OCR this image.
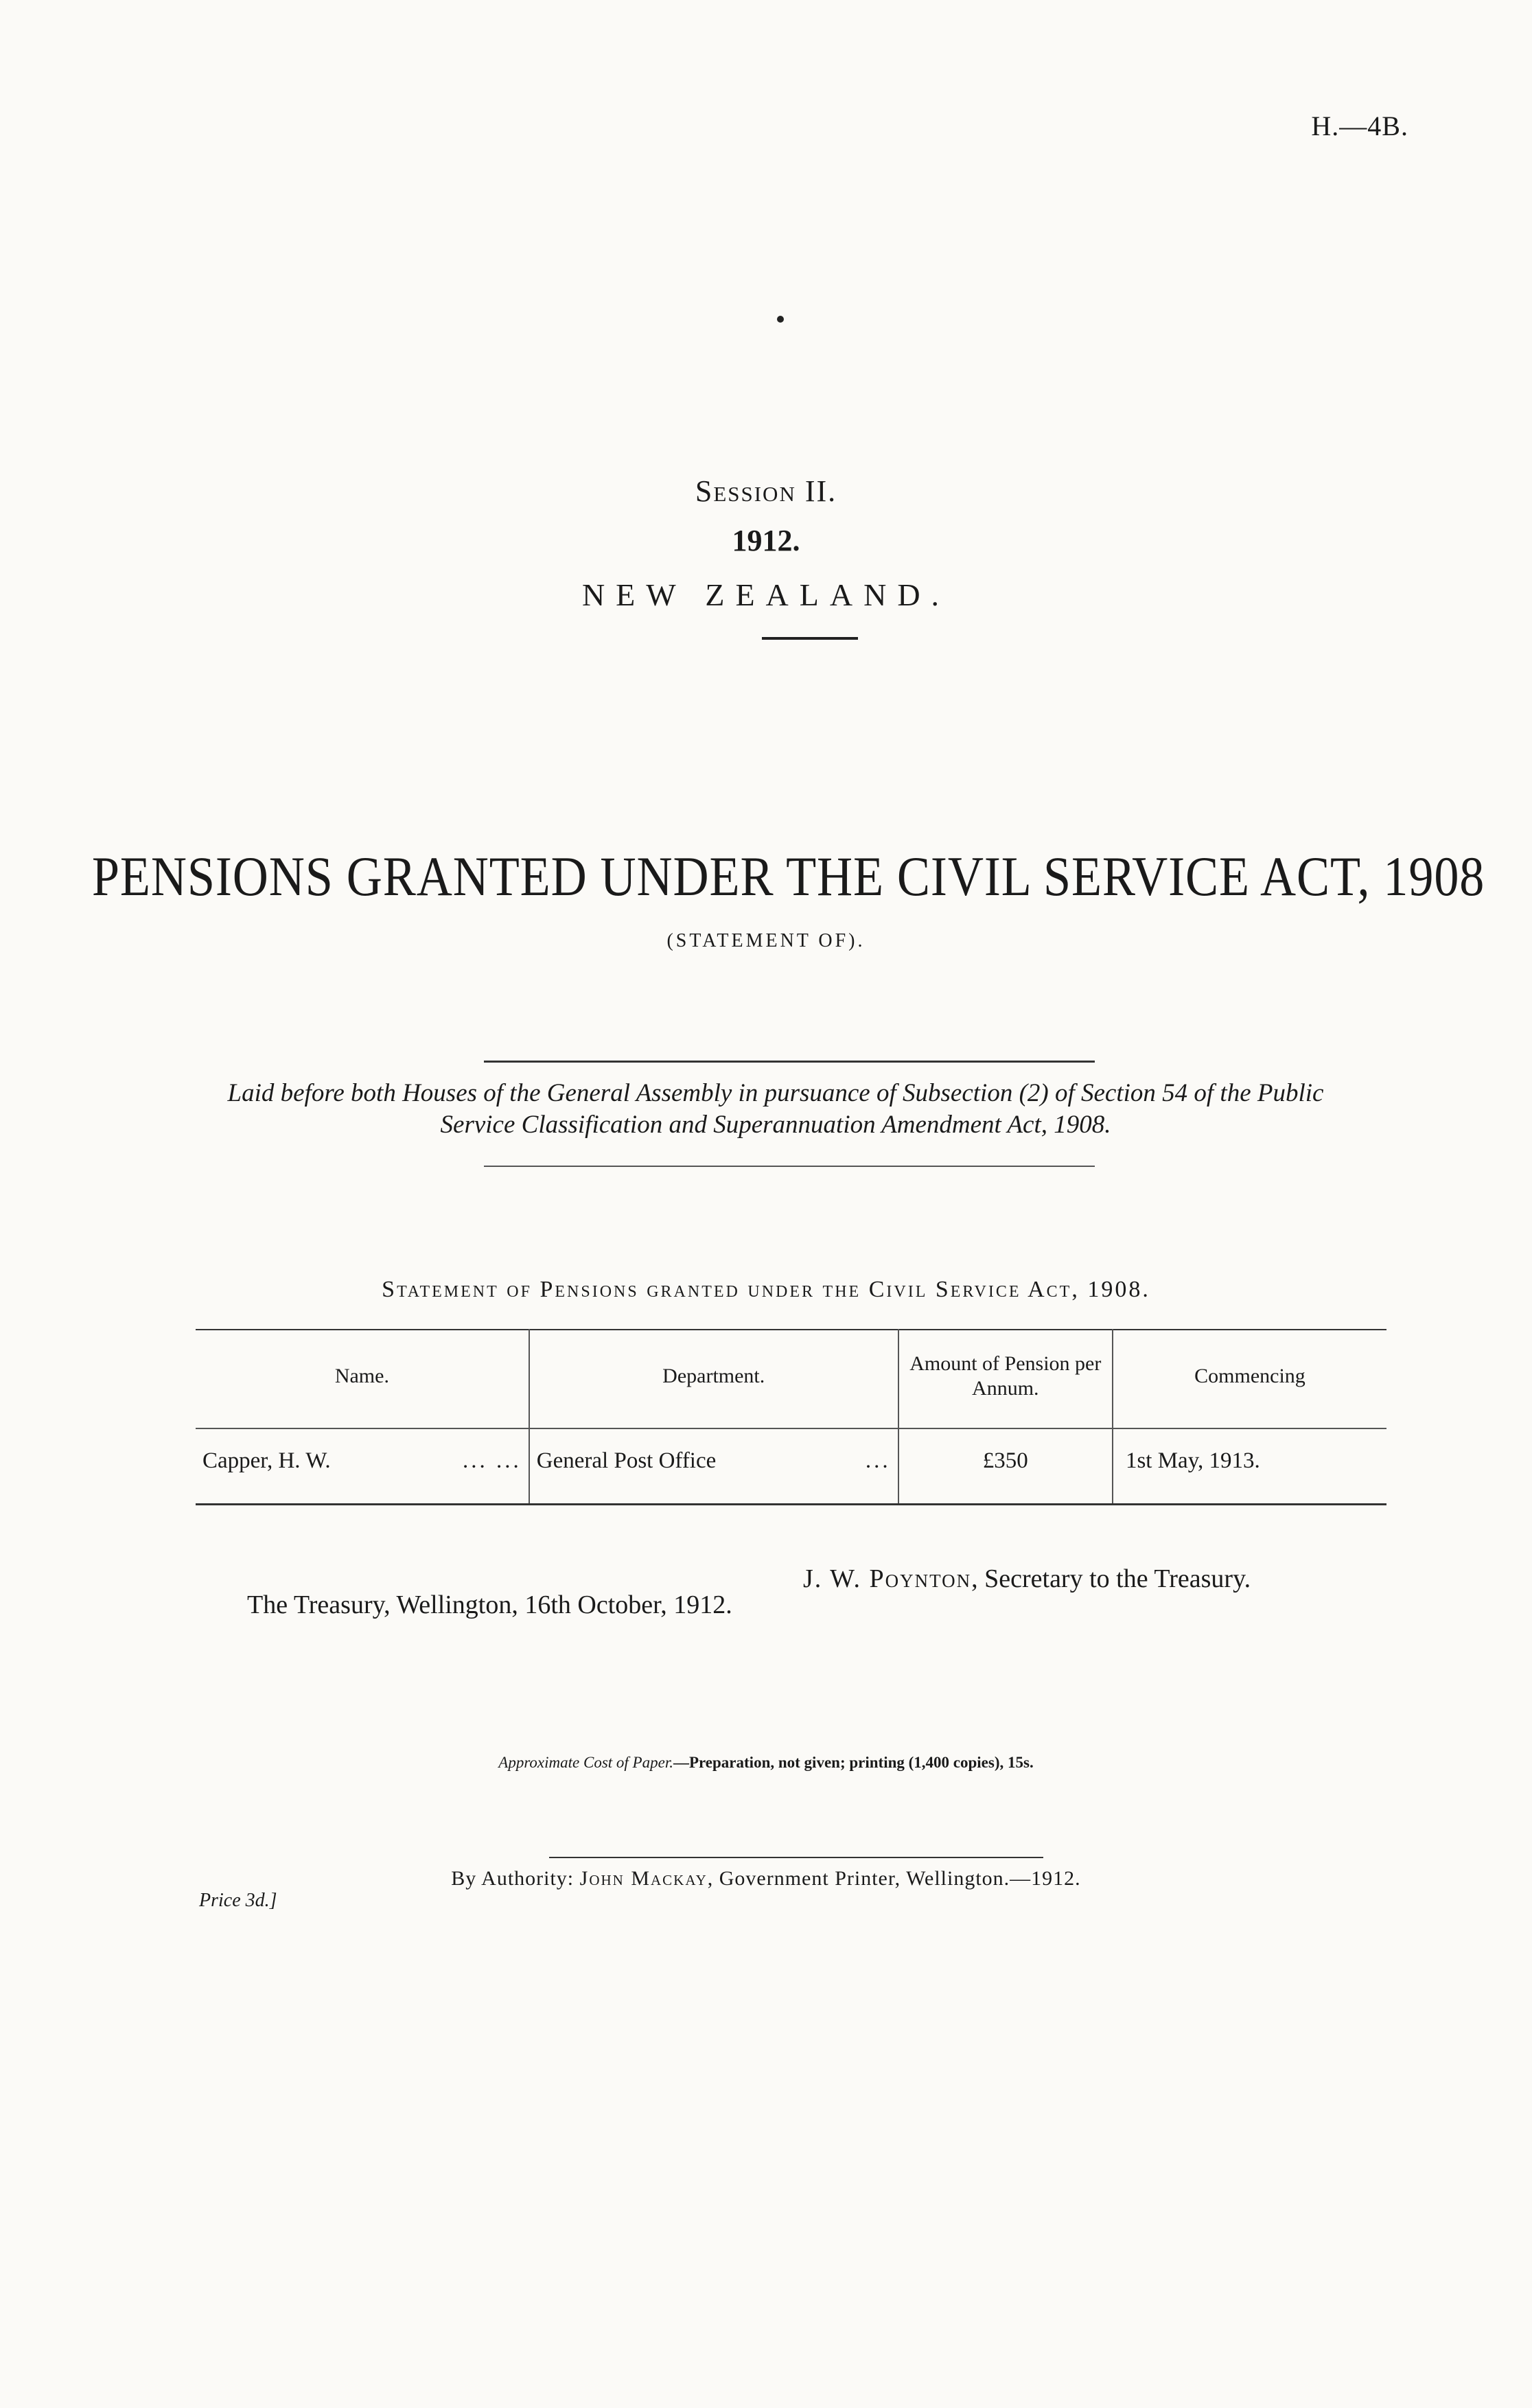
H.—4B.
Session II.
1912.
NEW ZEALAND.
PENSIONS GRANTED UNDER THE CIVIL SERVICE ACT, 1908
(STATEMENT OF).
Laid before both Houses of the General Assembly in pursuance of Subsection (2) of Section 54 of the Public Service Classification and Superannuation Amendment Act, 1908.
Statement of Pensions granted under the Civil Service Act, 1908.
Name.	Department.	Amount of Pension per Annum.	Commencing

Capper, H. W. ... ...	General Post Office ...	£350	1st May, 1913.
J. W. Poynton, Secretary to the Treasury.
The Treasury, Wellington, 16th October, 1912.
Approximate Cost of Paper.—Preparation, not given; printing (1,400 copies), 15s.
By Authority: John Mackay, Government Printer, Wellington.—1912.
Price 3d.]
